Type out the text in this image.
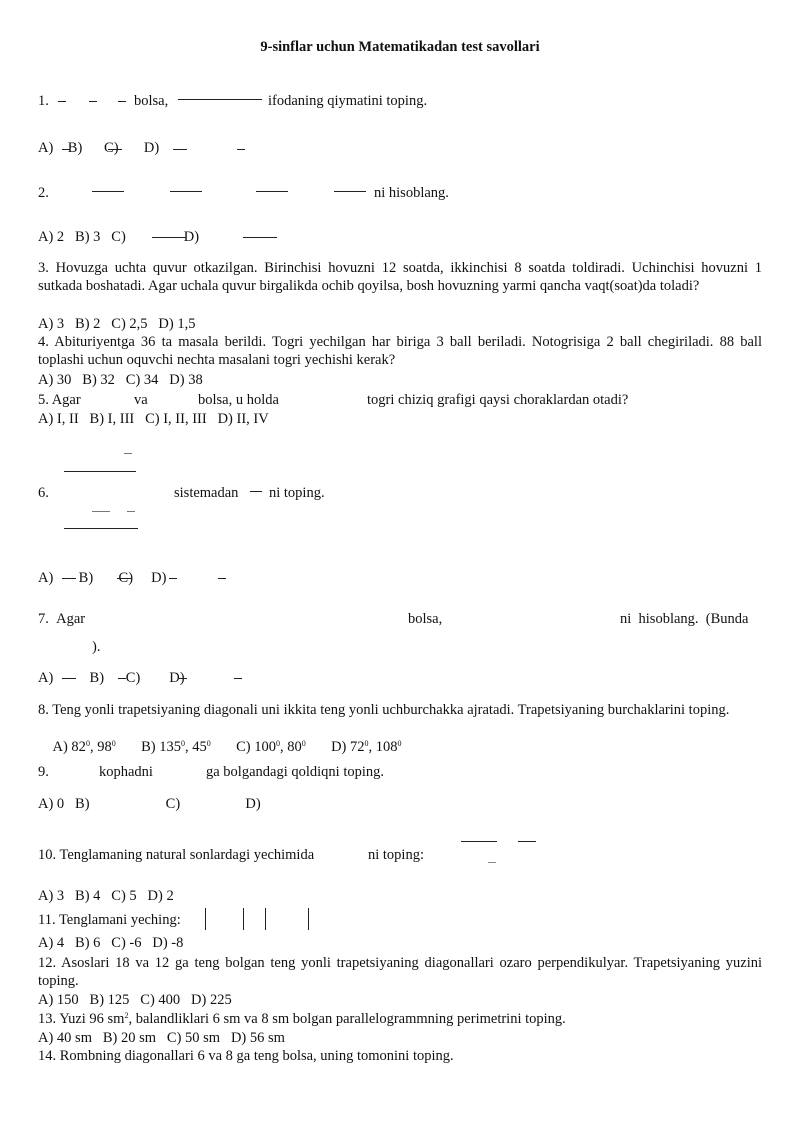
9-sinflar uchun Matematikadan test savollari
1.	bolsa,	ifodaning qiymatini toping.
A)    B)      C)       D)
2.	ni hisoblang.
A) 2   B) 3   C)                D)
3. Hovuzga uchta quvur otkazilgan. Birinchisi hovuzni 12 soatda, ikkinchisi 8 soatda toldiradi. Uchinchisi hovuzni 1 sutkada boshatadi. Agar uchala quvur birgalikda ochib qoyilsa, bosh hovuzning yarmi qancha vaqt(soat)da toladi?
A) 3   B) 2   C) 2,5   D) 1,5
4. Abituriyentga 36 ta masala berildi. Togri yechilgan har biriga 3 ball beriladi. Notogrisiga 2 ball chegiriladi. 88 ball toplashi uchun oquvchi nechta masalani togri yechishi kerak?
A) 30   B) 32   C) 34   D) 38
5. Agar	va	bolsa, u holda	togri chiziq grafigi qaysi choraklardan otadi?
A) I, II   B) I, III   C) I, II, III   D) II, IV
6.	sistemadan ni toping.
A)       B)       C)     D)
7.  Agar	bolsa,	ni  hisoblang.  (Bunda
).
A)          B)      C)        D)
8. Teng yonli trapetsiyaning diagonali uni ikkita teng yonli uchburchakka ajratadi. Trapetsiyaning burchaklarini toping.
A) $82^0$, $98^0$ B) $135^0$, $45^0$ C) $100^0$, $80^0$ D) $72^0$, $108^0$
9.	kophadni	ga bolgandagi qoldiqni toping.
A) 0   B)                     C)                  D)
10. Tenglamaning natural sonlardagi yechimida	ni toping:
A) 3   B) 4   C) 5   D) 2
11. Tenglamani yeching:
A) 4   B) 6   C) -6   D) -8
12. Asoslari 18 va 12 ga teng bolgan teng yonli trapetsiyaning diagonallari ozaro perpendikulyar. Trapetsiyaning yuzini toping.
A) 150   B) 125   C) 400   D) 225
13. Yuzi 96 $sm^2$, balandliklari 6 sm va 8 sm bolgan parallelogrammning perimetrini toping.
A) 40 sm   B) 20 sm   C) 50 sm   D) 56 sm
14. Rombning diagonallari 6 va 8 ga teng bolsa, uning tomonini toping.
